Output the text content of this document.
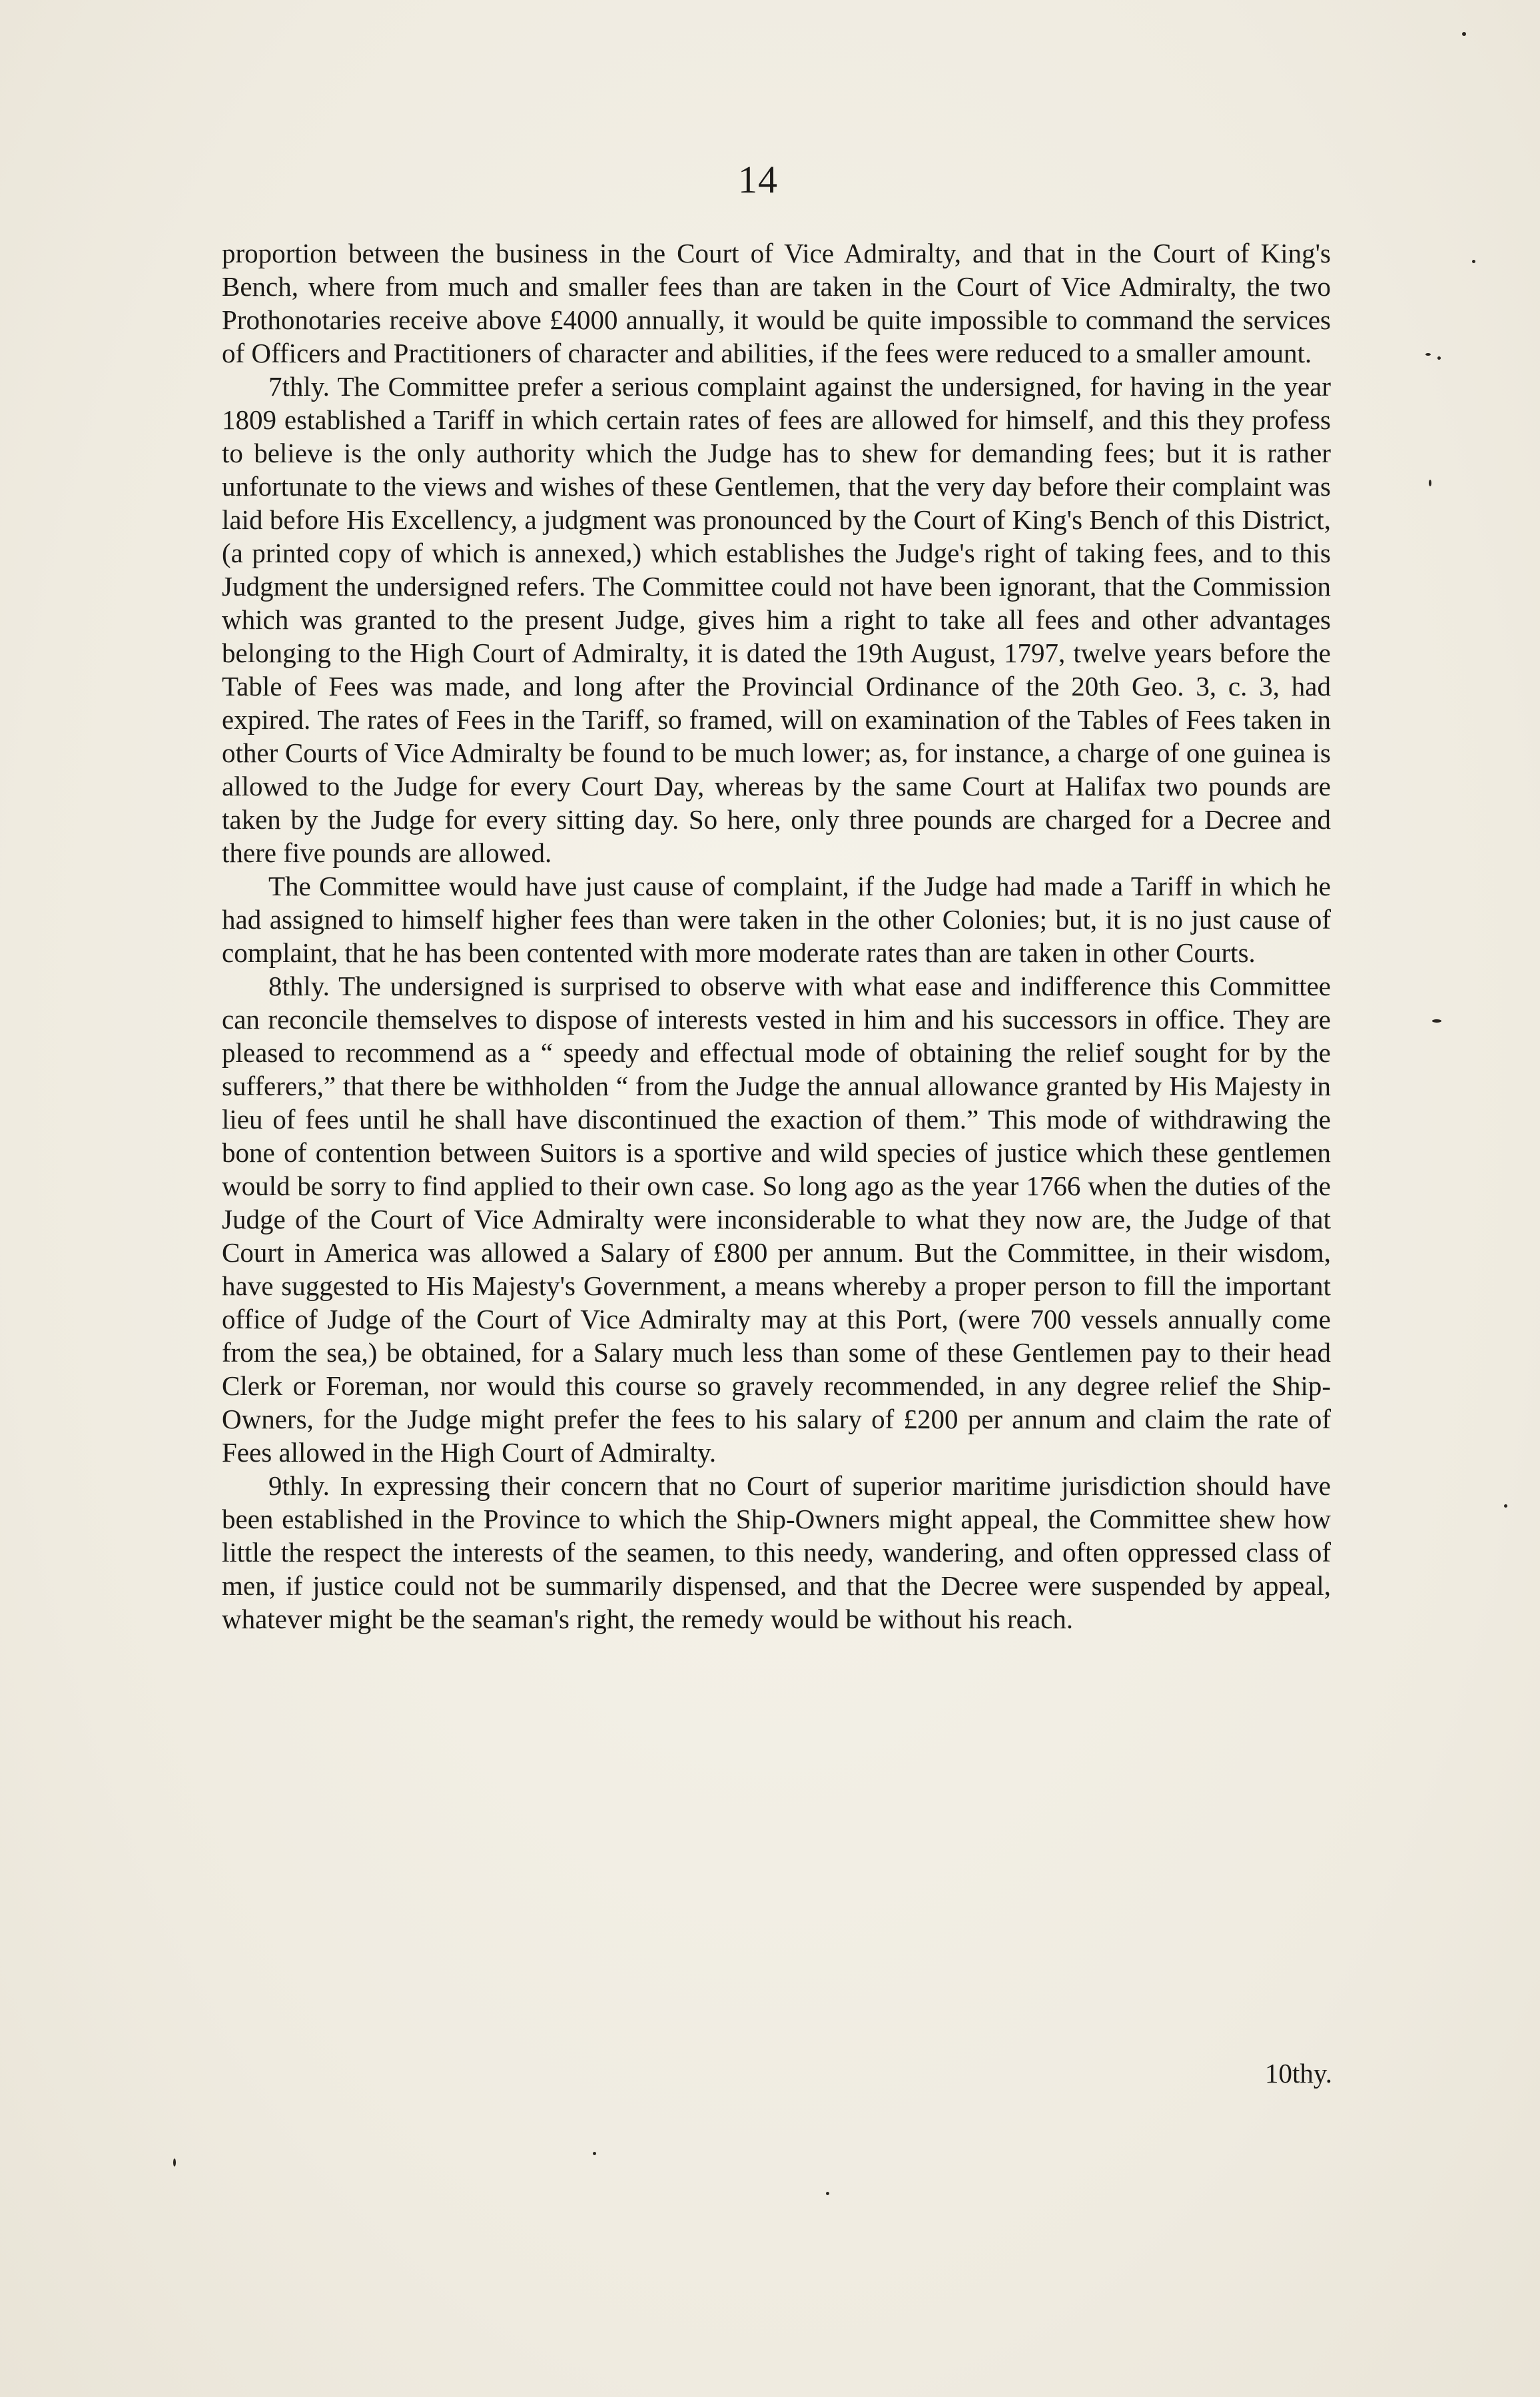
14

proportion between the business in the Court of Vice Admiralty, and that in the Court of King's Bench, where from much and smaller fees than are taken in the Court of Vice Admiralty, the two Prothonotaries receive above £4000 annually, it would be quite impossible to command the services of Officers and Practitioners of character and abilities, if the fees were reduced to a smaller amount.

7thly. The Committee prefer a serious complaint against the undersigned, for having in the year 1809 established a Tariff in which certain rates of fees are allowed for himself, and this they profess to believe is the only authority which the Judge has to shew for demanding fees; but it is rather unfortunate to the views and wishes of these Gentlemen, that the very day before their complaint was laid before His Excellency, a judgment was pronounced by the Court of King's Bench of this District, (a printed copy of which is annexed,) which establishes the Judge's right of taking fees, and to this Judgment the undersigned refers. The Committee could not have been ignorant, that the Commission which was granted to the present Judge, gives him a right to take all fees and other advantages belonging to the High Court of Admiralty, it is dated the 19th August, 1797, twelve years before the Table of Fees was made, and long after the Provincial Ordinance of the 20th Geo. 3, c. 3, had expired. The rates of Fees in the Tariff, so framed, will on examination of the Tables of Fees taken in other Courts of Vice Admiralty be found to be much lower; as, for instance, a charge of one guinea is allowed to the Judge for every Court Day, whereas by the same Court at Halifax two pounds are taken by the Judge for every sitting day. So here, only three pounds are charged for a Decree and there five pounds are allowed.

The Committee would have just cause of complaint, if the Judge had made a Tariff in which he had assigned to himself higher fees than were taken in the other Colonies; but, it is no just cause of complaint, that he has been contented with more moderate rates than are taken in other Courts.

8thly. The undersigned is surprised to observe with what ease and indifference this Committee can reconcile themselves to dispose of interests vested in him and his successors in office. They are pleased to recommend as a “ speedy and effectual mode of obtaining the relief sought for by the sufferers,” that there be withholden “ from the Judge the annual allowance granted by His Majesty in lieu of fees until he shall have discontinued the exaction of them.” This mode of withdrawing the bone of contention between Suitors is a sportive and wild species of justice which these gentlemen would be sorry to find applied to their own case. So long ago as the year 1766 when the duties of the Judge of the Court of Vice Admiralty were inconsiderable to what they now are, the Judge of that Court in America was allowed a Salary of £800 per annum. But the Committee, in their wisdom, have suggested to His Majesty's Government, a means whereby a proper person to fill the important office of Judge of the Court of Vice Admiralty may at this Port, (were 700 vessels annually come from the sea,) be obtained, for a Salary much less than some of these Gentlemen pay to their head Clerk or Foreman, nor would this course so gravely recommended, in any degree relief the Ship-Owners, for the Judge might prefer the fees to his salary of £200 per annum and claim the rate of Fees allowed in the High Court of Admiralty.

9thly. In expressing their concern that no Court of superior maritime jurisdiction should have been established in the Province to which the Ship-Owners might appeal, the Committee shew how little the respect the interests of the seamen, to this needy, wandering, and often oppressed class of men, if justice could not be summarily dispensed, and that the Decree were suspended by appeal, whatever might be the seaman's right, the remedy would be without his reach.

10thy.
